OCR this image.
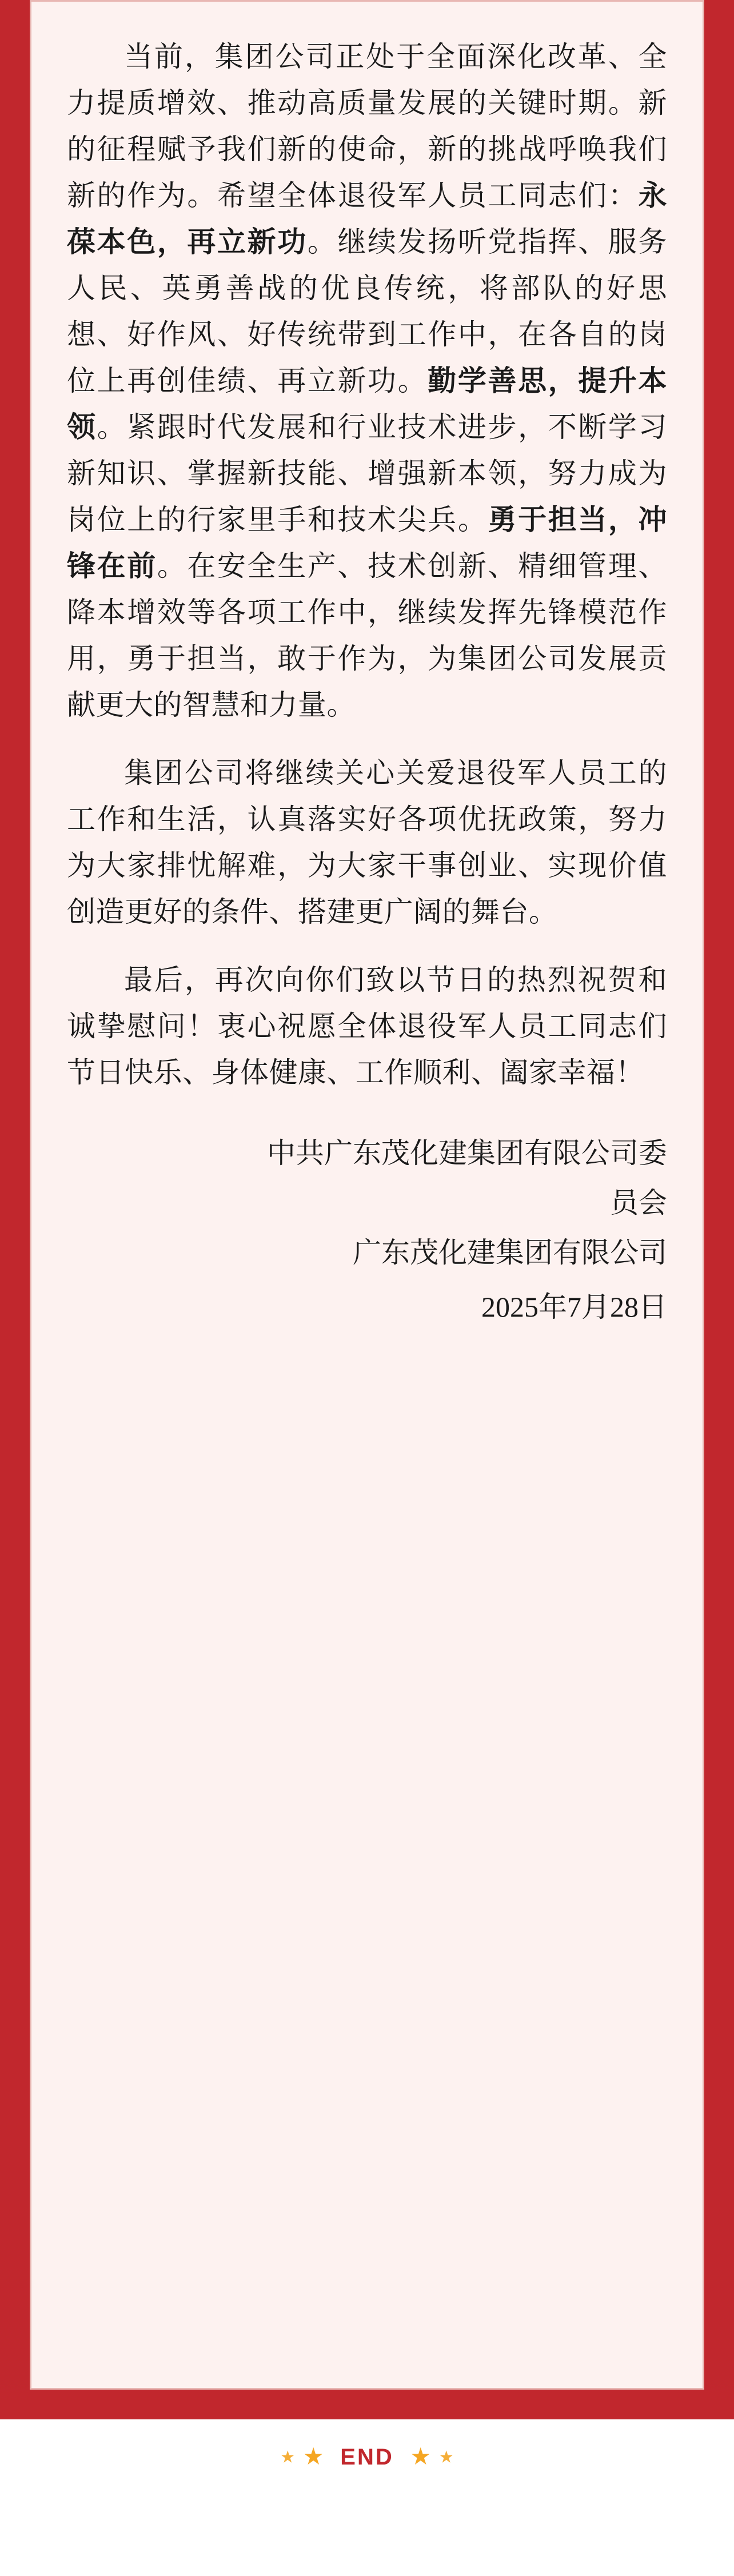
当前，集团公司正处于全面深化改革、全力提质增效、推动高质量发展的关键时期。新的征程赋予我们新的使命，新的挑战呼唤我们新的作为。希望全体退役军人员工同志们：永葆本色，再立新功。继续发扬听党指挥、服务人民、英勇善战的优良传统，将部队的好思想、好作风、好传统带到工作中，在各自的岗位上再创佳绩、再立新功。勤学善思，提升本领。紧跟时代发展和行业技术进步，不断学习新知识、掌握新技能、增强新本领，努力成为岗位上的行家里手和技术尖兵。勇于担当，冲锋在前。在安全生产、技术创新、精细管理、降本增效等各项工作中，继续发挥先锋模范作用，勇于担当，敢于作为，为集团公司发展贡献更大的智慧和力量。

集团公司将继续关心关爱退役军人员工的工作和生活，认真落实好各项优抚政策，努力为大家排忧解难，为大家干事创业、实现价值创造更好的条件、搭建更广阔的舞台。

最后，再次向你们致以节日的热烈祝贺和诚挚慰问！衷心祝愿全体退役军人员工同志们节日快乐、身体健康、工作顺利、阖家幸福！

中共广东茂化建集团有限公司委
员会
广东茂化建集团有限公司
2025年7月28日
★ ★ END ★ ★
